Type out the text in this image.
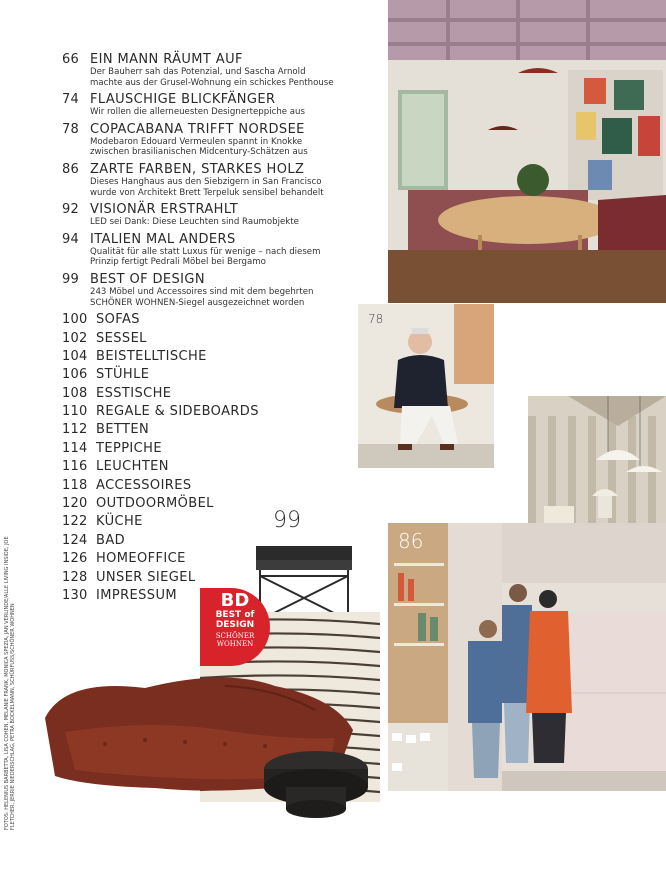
66 EIN MANN RÄUMT AUF
Der Bauherr sah das Potenzial, und Sascha Arnold
machte aus der Grusel-Wohnung ein schickes Penthouse
74 FLAUSCHIGE BLICKFÄNGER
Wir rollen die allerneuesten Designerteppiche aus
78 COPACABANA TRIFFT NORDSEE
Modebaron Edouard Vermeulen spannt in Knokke
zwischen brasilianischen Midcentury-Schätzen aus
86 ZARTE FARBEN, STARKES HOLZ
Dieses Hanghaus aus den Siebzigern in San Francisco
wurde von Architekt Brett Terpeluk sensibel behandelt
92 VISIONÄR ERSTRAHLT
LED sei Dank: Diese Leuchten sind Raumobjekte
94 ITALIEN MAL ANDERS
Qualität für alle statt Luxus für wenige – nach diesem
Prinzip fertigt Pedrali Möbel bei Bergamo
99 BEST OF DESIGN
243 Möbel und Accessoires sind mit dem begehrten
SCHÖNER WOHNEN-Siegel ausgezeichnet worden
100 SOFAS
102 SESSEL
104 BEISTELLTISCHE
106 STÜHLE
108 ESSTISCHE
110 REGALE & SIDEBOARDS
112 BETTEN
114 TEPPICHE
116 LEUCHTEN
118 ACCESSOIRES
120 OUTDOORMÖBEL
122 KÜCHE
124 BAD
126 HOMEOFFICE
128 UNSER SIEGEL
130 IMPRESSUM
FOTOS: HELENIUS BARBETTA, LISA COHEN, MELANIE FRANK, MONICA SPEZIA, JAN VERLINDE/ALLE LIVING INSIDE, JOE FLETCHER, JERRIE NIEDERSCHLAG, PETRA BOCKELMANN, SCHÜRFUSS/SCHÖNER WOHNEN
58
78
86
99
BD
BEST of
DESIGN
SCHÖNER
WOHNEN
